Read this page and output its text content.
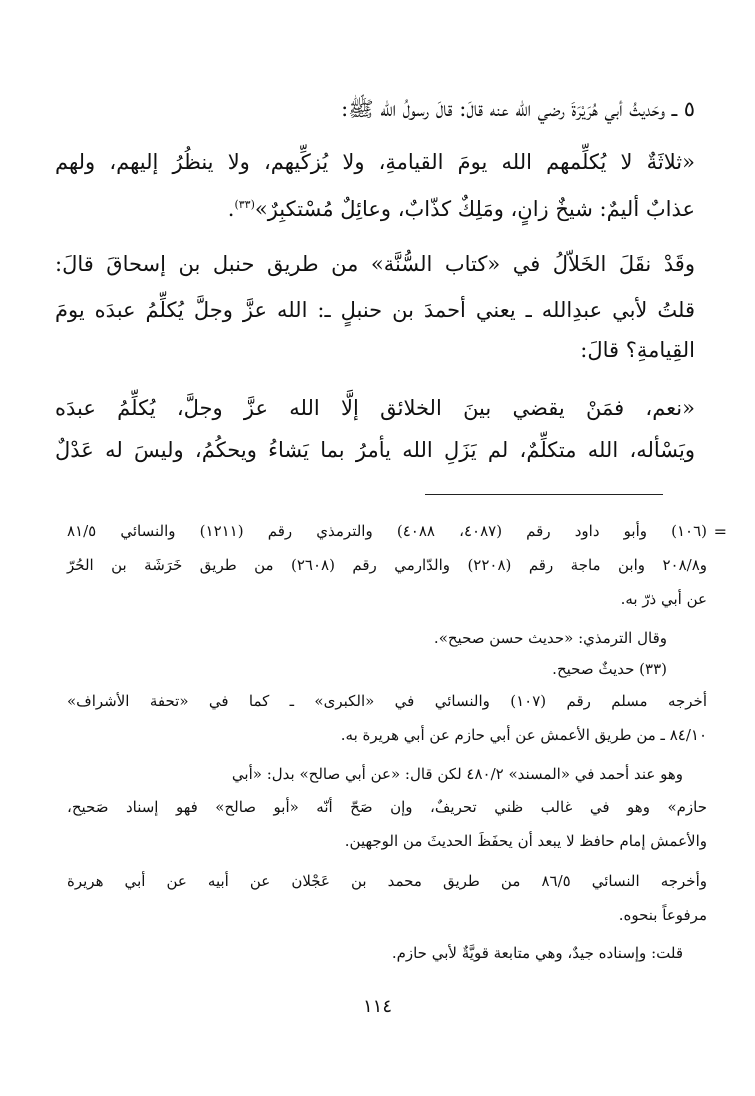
٥ ــ وحَديثُ أبي هُرَيْرَةَ رضي الله عنه قالَ: قالَ رسولُ الله ﷺ:
«ثلاثَةٌ لا يُكلِّمهم الله يومَ القيامةِ، ولا يُزكِّيهم، ولا ينظُرُ إليهم، ولهم
عذابٌ أليمٌ: شيخٌ زانٍ، ومَلِكٌ كذّابٌ، وعائِلٌ مُسْتكبِرٌ»$^{(٣٣)}$.
وقَدْ نقَلَ الخَلاّلُ في «كتاب السُّنَّة» من طريق حنبل بن إسحاقَ قالَ:
قلتُ لأبي عبدِالله ـ يعني أحمدَ بن حنبلٍ ـ: الله عزَّ وجلَّ يُكلِّمُ عبدَه يومَ
القِيامةِ؟ قالَ:
«نعم، فمَنْ يقضي بينَ الخلائق إلَّا الله عزَّ وجلَّ، يُكلِّمُ عبدَه
ويَسْأله، الله متكلِّمٌ، لم يَزَلِ الله يأمرُ بما يَشاءُ ويحكُمُ، وليسَ له عَدْلٌ
=
(١٠٦) وأبو داود رقم (٤٠٨٧، ٤٠٨٨) والترمذي رقم (١٢١١) والنسائي ٨١/٥
و٢٠٨/٨ وابن ماجة رقم (٢٢٠٨) والدّارمي رقم (٢٦٠٨) من طريق خَرَشَة بن الحُرّ
عن أبي ذرّ به.
وقال الترمذي: «حديث حسن صحيح».
(٣٣) حديثٌ صحيح.
أخرجه مسلم رقم (١٠٧) والنسائي في «الكبرى» ـ كما في «تحفة الأشراف»
٨٤/١٠ ـ من طريق الأعمش عن أبي حازم عن أبي هريرة به.
وهو عند أحمد في «المسند» ٤٨٠/٢ لكن قال: «عن أبي صالح» بدل: «أبي
حازم» وهو في غالب ظني تحريفٌ، وإن صَحّ أنّه «أبو صالح» فهو إسناد صَحيح،
والأعمش إمام حافظ لا يبعد أن يحفَظَ الحديثَ من الوجهين.
وأخرجه النسائي ٨٦/٥ من طريق محمد بن عَجْلان عن أبيه عن أبي هريرة
مرفوعاً بنحوه.
قلت: وإسناده جيدٌ، وهي متابعة قويَّةٌ لأبي حازم.
١١٤
